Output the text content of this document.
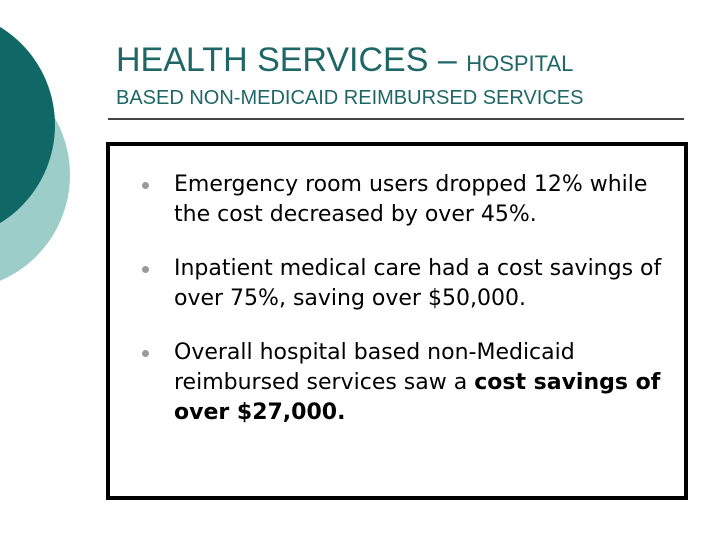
HEALTH SERVICES – HOSPITAL
BASED NON-MEDICAID REIMBURSED SERVICES
Emergency room users dropped 12% while the cost decreased by over 45%.
Inpatient medical care had a cost savings of over 75%, saving over $50,000.
Overall hospital based non-Medicaid reimbursed services saw a cost savings of over $27,000.
